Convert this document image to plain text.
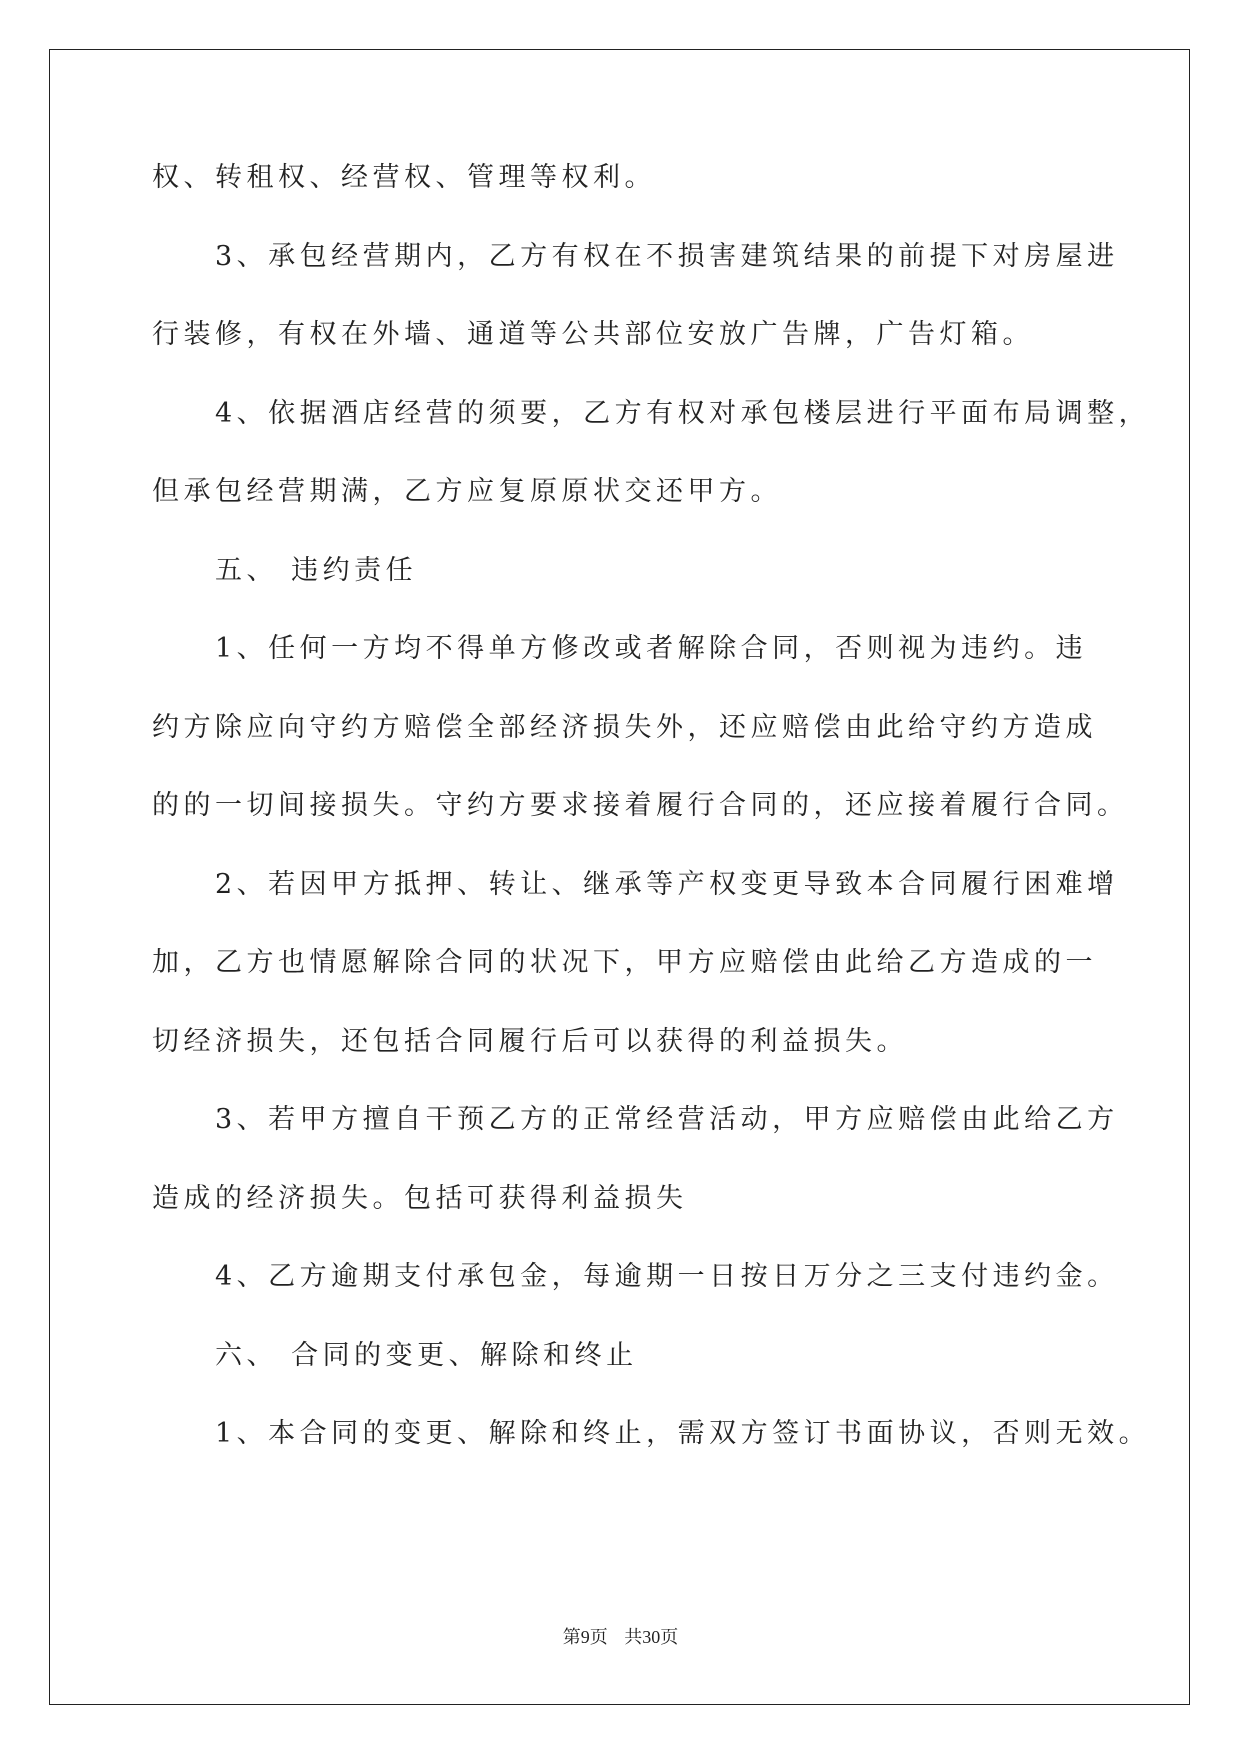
权、转租权、经营权、管理等权利。
3、承包经营期内，乙方有权在不损害建筑结果的前提下对房屋进
行装修，有权在外墙、通道等公共部位安放广告牌，广告灯箱。
4、依据酒店经营的须要，乙方有权对承包楼层进行平面布局调整，
但承包经营期满，乙方应复原原状交还甲方。
五、 违约责任
1、任何一方均不得单方修改或者解除合同，否则视为违约。违
约方除应向守约方赔偿全部经济损失外，还应赔偿由此给守约方造成
的的一切间接损失。守约方要求接着履行合同的，还应接着履行合同。
2、若因甲方抵押、转让、继承等产权变更导致本合同履行困难增
加，乙方也情愿解除合同的状况下，甲方应赔偿由此给乙方造成的一
切经济损失，还包括合同履行后可以获得的利益损失。
3、若甲方擅自干预乙方的正常经营活动，甲方应赔偿由此给乙方
造成的经济损失。包括可获得利益损失
4、乙方逾期支付承包金，每逾期一日按日万分之三支付违约金。
六、 合同的变更、解除和终止
1、本合同的变更、解除和终止，需双方签订书面协议，否则无效。
第9页 共30页
